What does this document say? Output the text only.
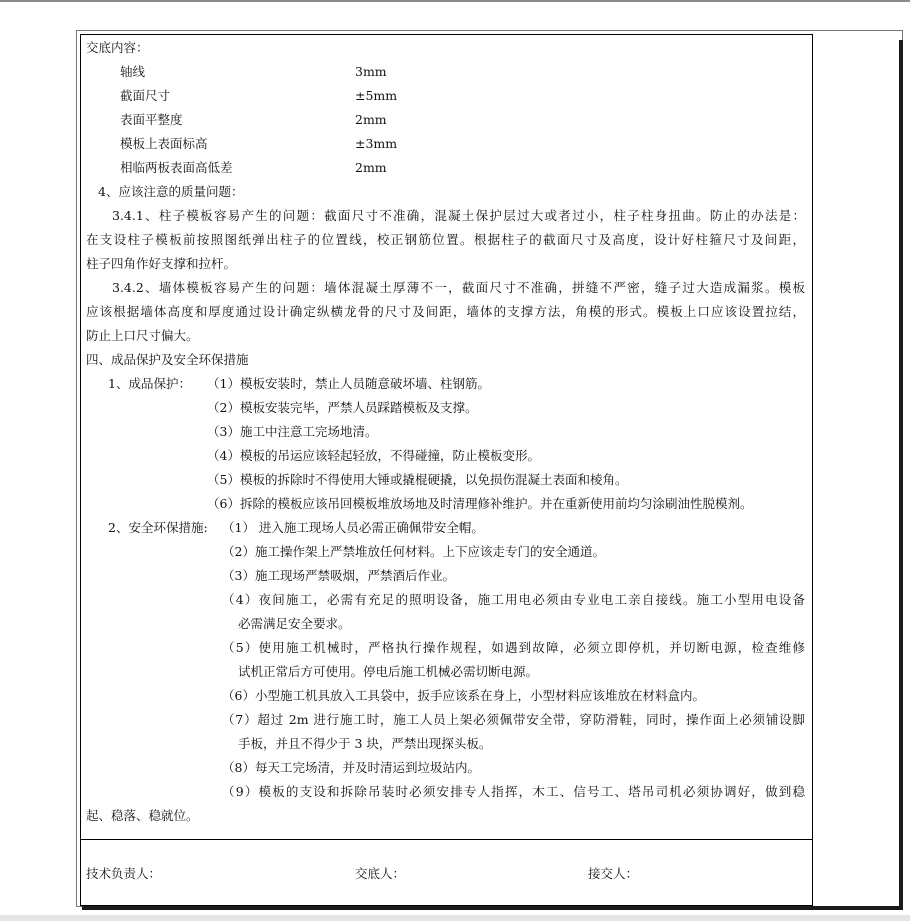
交底内容：
轴线	3mm
截面尺寸	±5mm
表面平整度	2mm
模板上表面标高	±3mm
相临两板表面高低差	2mm
4、应该注意的质量问题：
3.4.1、柱子模板容易产生的问题：截面尺寸不准确，混凝土保护层过大或者过小，柱子柱身扭曲。防止的办法是：
在支设柱子模板前按照图纸弹出柱子的位置线，校正钢筋位置。根据柱子的截面尺寸及高度，设计好柱箍尺寸及间距，
柱子四角作好支撑和拉杆。
3.4.2、墙体模板容易产生的问题：墙体混凝土厚薄不一，截面尺寸不准确，拼缝不严密，缝子过大造成漏浆。模板
应该根据墙体高度和厚度通过设计确定纵横龙骨的尺寸及间距，墙体的支撑方法，角模的形式。模板上口应该设置拉结，
防止上口尺寸偏大。
四、成品保护及安全环保措施
1、成品保护： （1）模板安装时，禁止人员随意破坏墙、柱钢筋。
（2）模板安装完毕，严禁人员踩踏模板及支撑。
（3）施工中注意工完场地清。
（4）模板的吊运应该轻起轻放，不得碰撞，防止模板变形。
（5）模板的拆除时不得使用大锤或撬棍硬撬，以免损伤混凝土表面和棱角。
（6）拆除的模板应该吊回模板堆放场地及时清理修补维护。并在重新使用前均匀涂刷油性脱模剂。
2、安全环保措施: （1） 进入施工现场人员必需正确佩带安全帽。
（2）施工操作架上严禁堆放任何材料。上下应该走专门的安全通道。
（3）施工现场严禁吸烟，严禁酒后作业。
（4）夜间施工，必需有充足的照明设备，施工用电必须由专业电工亲自接线。施工小型用电设备
必需满足安全要求。
（5）使用施工机械时，严格执行操作规程，如遇到故障，必须立即停机，并切断电源，检查维修
试机正常后方可使用。停电后施工机械必需切断电源。
（6）小型施工机具放入工具袋中，扳手应该系在身上，小型材料应该堆放在材料盒内。
（7）超过 2m 进行施工时，施工人员上架必须佩带安全带，穿防滑鞋，同时，操作面上必须铺设脚
手板，并且不得少于 3 块，严禁出现探头板。
（8）每天工完场清，并及时清运到垃圾站内。
（9）模板的支设和拆除吊装时必须安排专人指挥，木工、信号工、塔吊司机必须协调好，做到稳
起、稳落、稳就位。
技术负责人：	交底人：	接交人：
